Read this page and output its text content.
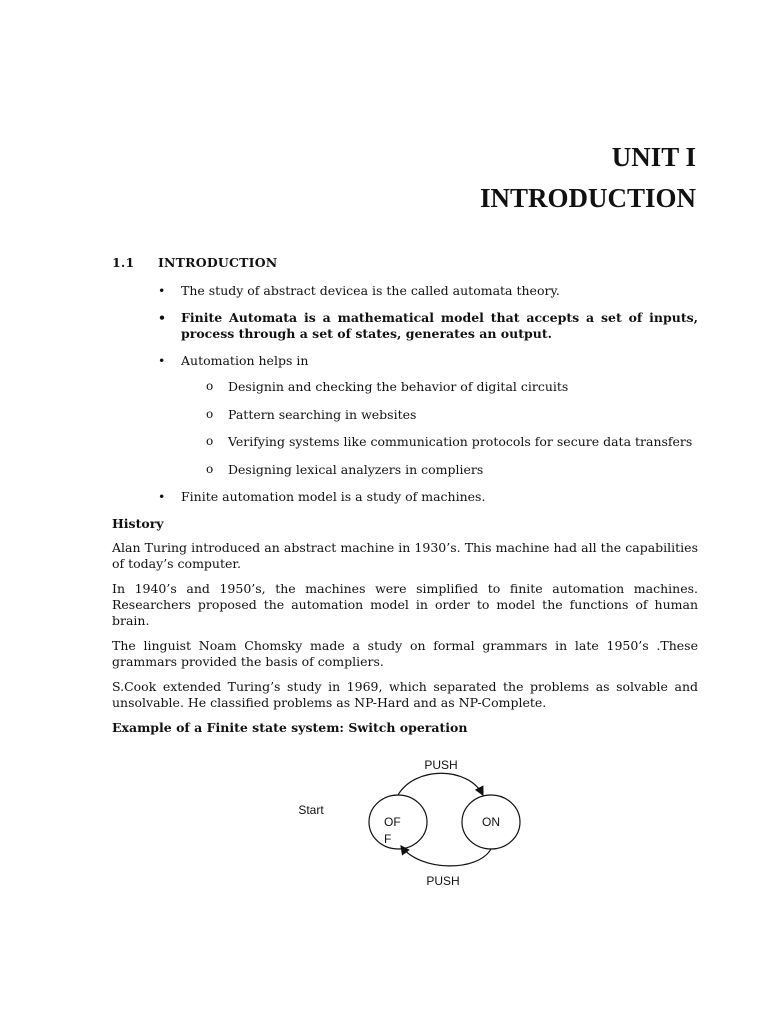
UNIT I
INTRODUCTION
1.1	INTRODUCTION
• The study of abstract devicea is the called automata theory.
• Finite Automata is a mathematical model that accepts a set of inputs, process through a set of states, generates an output.
• Automation helps in
o Designin and checking the behavior of digital circuits
o Pattern searching in websites
o Verifying systems like communication protocols for secure data transfers
o Designing lexical analyzers in compliers
• Finite automation model is a study of machines.
History

Alan Turing introduced an abstract machine in 1930’s. This machine had all the capabilities of today’s computer.

In 1940’s and 1950’s, the machines were simplified to finite automation machines. Researchers proposed the automation model in order to model the functions of human brain.

The linguist Noam Chomsky made a study on formal grammars in late 1950’s .These grammars provided the basis of compliers.

S.Cook extended Turing’s study in 1969, which separated the problems as solvable and unsolvable. He classified problems as NP-Hard and as NP-Complete.

Example of a Finite state system: Switch operation
PUSH
Start
OF
F
ON
PUSH
